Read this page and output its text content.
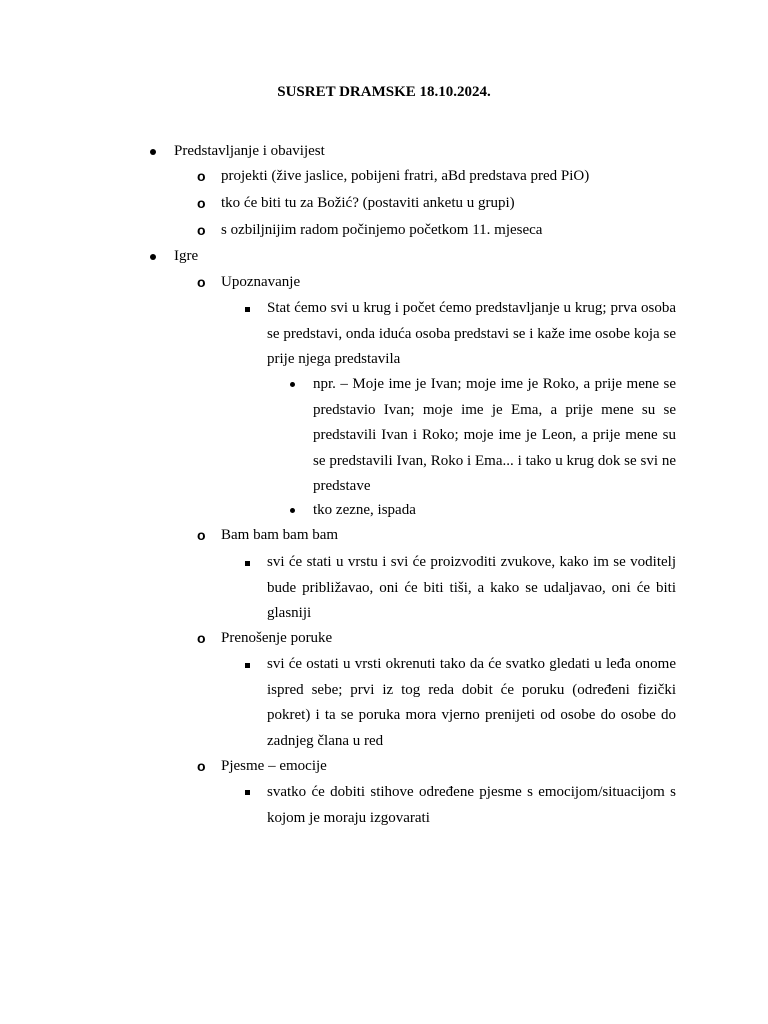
SUSRET DRAMSKE 18.10.2024.
Predstavljanje i obavijest
o projekti (žive jaslice, pobijeni fratri, aBd predstava pred PiO)
o tko će biti tu za Božić? (postaviti anketu u grupi)
o s ozbiljnijim radom počinjemo početkom 11. mjeseca
Igre
o Upoznavanje
Stat ćemo svi u krug i počet ćemo predstavljanje u krug; prva osoba se predstavi, onda iduća osoba predstavi se i kaže ime osobe koja se prije njega predstavila
npr. – Moje ime je Ivan; moje ime je Roko, a prije mene se predstavio Ivan; moje ime je Ema, a prije mene su se predstavili Ivan i Roko; moje ime je Leon, a prije mene su se predstavili Ivan, Roko i Ema... i tako u krug dok se svi ne predstave
tko zezne, ispada
o Bam bam bam bam
svi će stati u vrstu i svi će proizvoditi zvukove, kako im se voditelj bude približavao, oni će biti tiši, a kako se udaljavao, oni će biti glasniji
o Prenošenje poruke
svi će ostati u vrsti okrenuti tako da će svatko gledati u leđa onome ispred sebe; prvi iz tog reda dobit će poruku (određeni fizički pokret) i ta se poruka mora vjerno prenijeti od osobe do osobe do zadnjeg člana u red
o Pjesme – emocije
svatko će dobiti stihove određene pjesme s emocijom/situacijom s kojom je moraju izgovarati
